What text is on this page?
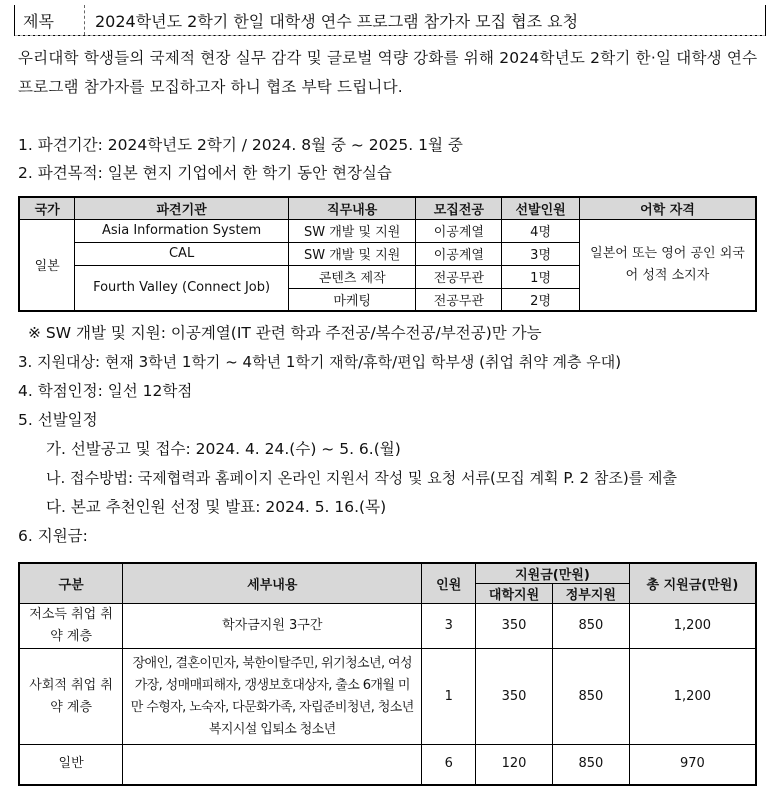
제목	2024학년도 2학기 한일 대학생 연수 프로그램 참가자 모집 협조 요청
우리대학 학생들의 국제적 현장 실무 감각 및 글로벌 역량 강화를 위해 2024학년도 2학기 한·일 대학생 연수 프로그램 참가자를 모집하고자 하니 협조 부탁 드립니다.
1. 파견기간: 2024학년도 2학기 / 2024. 8월 중 ~ 2025. 1월 중
2. 파견목적: 일본 현지 기업에서 한 학기 동안 현장실습
국가	파견기관	직무내용	모집전공	선발인원	어학 자격
일본	Asia Information System	SW 개발 및 지원	이공계열	4명	일본어 또는 영어 공인 외국어 성적 소지자
	CAL	SW 개발 및 지원	이공계열	3명	
	Fourth Valley (Connect Job)	콘텐츠 제작	전공무관	1명	
		마케팅	전공무관	2명	
※ SW 개발 및 지원: 이공계열(IT 관련 학과 주전공/복수전공/부전공)만 가능
3. 지원대상: 현재 3학년 1학기 ~ 4학년 1학기 재학/휴학/편입 학부생 (취업 취약 계층 우대)
4. 학점인정: 일선 12학점
5. 선발일정
가. 선발공고 및 접수: 2024. 4. 24.(수) ~ 5. 6.(월)
나. 접수방법: 국제협력과 홈페이지 온라인 지원서 작성 및 요청 서류(모집 계획 P. 2 참조)를 제출
다. 본교 추천인원 선정 및 발표: 2024. 5. 16.(목)
6. 지원금:
구분	세부내용	인원	지원금(만원)		총 지원금(만원)
			대학지원	정부지원	
저소득 취업 취약 계층	학자금지원 3구간	3	350	850	1,200
사회적 취업 취약 계층	장애인, 결혼이민자, 북한이탈주민, 위기청소년, 여성가장, 성매매피해자, 갱생보호대상자, 출소 6개월 미만 수형자, 노숙자, 다문화가족, 자립준비청년, 청소년복지시설 입퇴소 청소년	1	350	850	1,200
일반		6	120	850	970
